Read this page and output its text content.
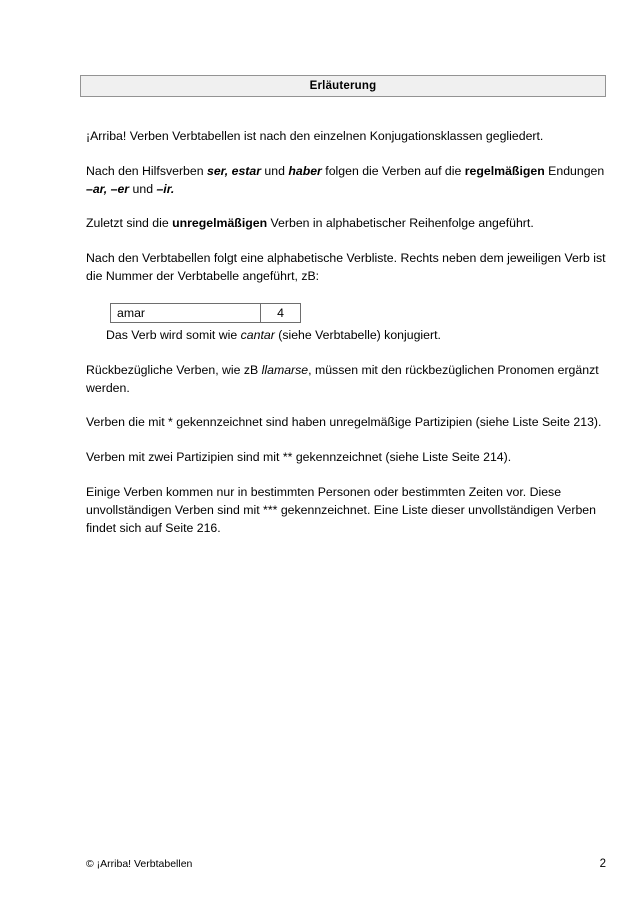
Erläuterung

¡Arriba! Verben Verbtabellen ist nach den einzelnen Konjugationsklassen gegliedert.

Nach den Hilfsverben ser, estar und haber folgen die Verben auf die regelmäßigen Endungen –ar, –er und –ir.

Zuletzt sind die unregelmäßigen Verben in alphabetischer Reihenfolge angeführt.

Nach den Verbtabellen folgt eine alphabetische Verbliste. Rechts neben dem jeweiligen Verb ist die Nummer der Verbtabelle angeführt, zB:

amar	4

Das Verb wird somit wie cantar (siehe Verbtabelle) konjugiert.

Rückbezügliche Verben, wie zB llamarse, müssen mit den rückbezüglichen Pronomen ergänzt werden.

Verben die mit * gekennzeichnet sind haben unregelmäßige Partizipien (siehe Liste Seite 213).

Verben mit zwei Partizipien sind mit ** gekennzeichnet (siehe Liste Seite 214).

Einige Verben kommen nur in bestimmten Personen oder bestimmten Zeiten vor. Diese unvollständigen Verben sind mit *** gekennzeichnet. Eine Liste dieser unvollständigen Verben findet sich auf Seite 216.

© ¡Arriba! Verbtabellen	2
